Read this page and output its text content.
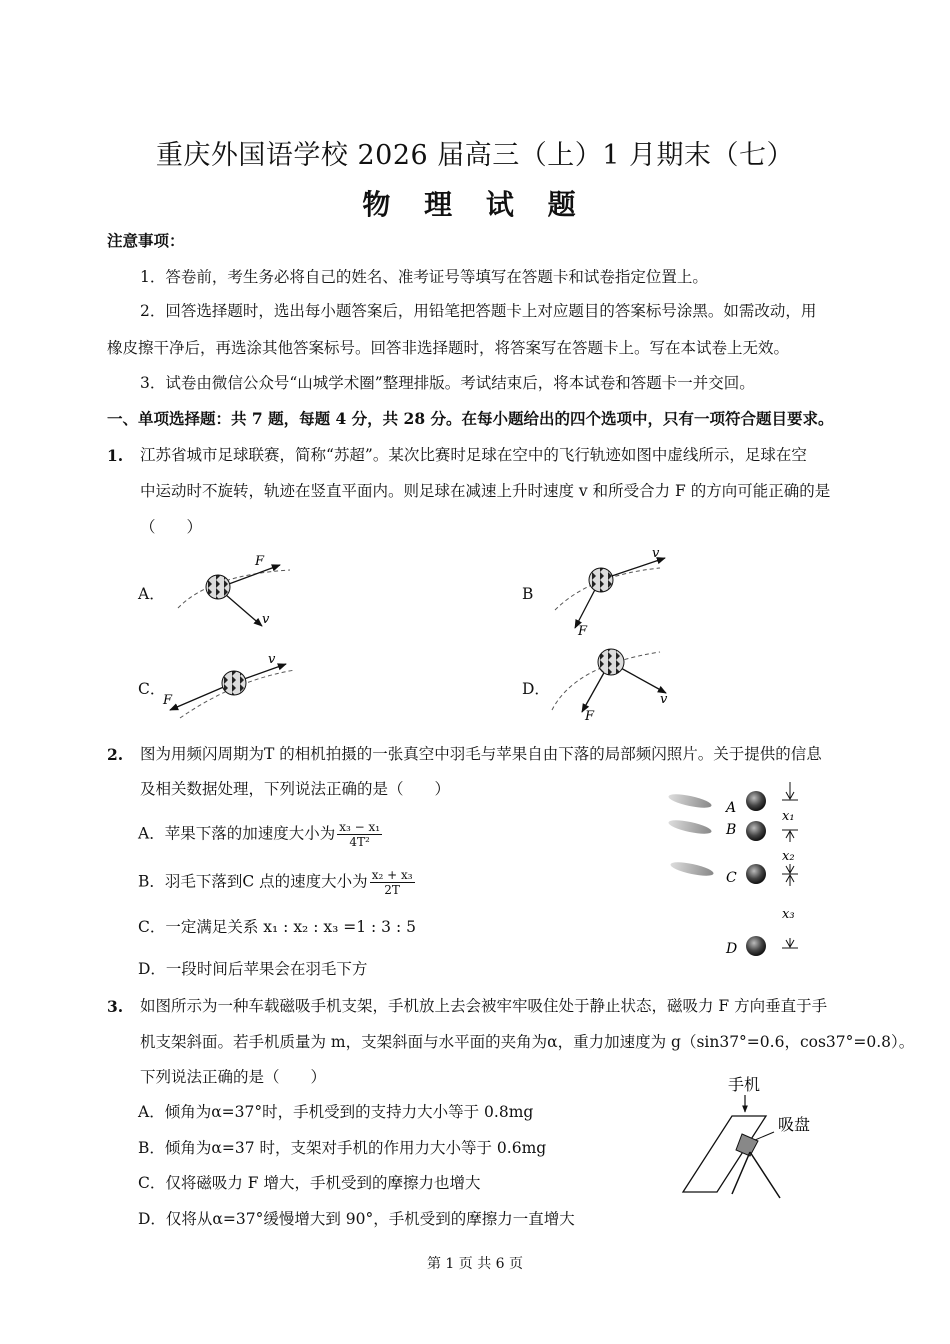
重庆外国语学校 2026 届高三（上）1 月期末（七）
物 理 试 题
注意事项：
1．答卷前，考生务必将自己的姓名、准考证号等填写在答题卡和试卷指定位置上。
2．回答选择题时，选出每小题答案后，用铅笔把答题卡上对应题目的答案标号涂黑。如需改动，用
橡皮擦干净后，再选涂其他答案标号。回答非选择题时，将答案写在答题卡上。写在本试卷上无效。
3．试卷由微信公众号“山城学术圈”整理排版。考试结束后，将本试卷和答题卡一并交回。
一、单项选择题：共 7 题，每题 4 分，共 28 分。在每小题给出的四个选项中，只有一项符合题目要求。
1. 江苏省城市足球联赛，简称“苏超”。某次比赛时足球在空中的飞行轨迹如图中虚线所示，足球在空
中运动时不旋转，轨迹在竖直平面内。则足球在减速上升时速度 v 和所受合力 F 的方向可能正确的是
（　　）
A．	B
C．	D．
F
v
v
F
v
F	v
F
2. 图为用频闪周期为T 的相机拍摄的一张真空中羽毛与苹果自由下落的局部频闪照片。关于提供的信息
及相关数据处理，下列说法正确的是（　　）
A．苹果下落的加速度大小为 $\frac{\text{x₃ − x₁}}{\text{4T²}}$
B．羽毛下落到C 点的速度大小为 $\frac{\text{x₂ + x₃}}{2T}$
C．一定满足关系 x₁ : x₂ : x₃ =1 : 3 : 5
D．一段时间后苹果会在羽毛下方
A
B
C
D
x₁
x₂
x₃
3. 如图所示为一种车载磁吸手机支架，手机放上去会被牢牢吸住处于静止状态，磁吸力 F 方向垂直于手
机支架斜面。若手机质量为 m，支架斜面与水平面的夹角为α，重力加速度为 g（sin37°=0.6，cos37°=0.8）。
下列说法正确的是（　　）
A．倾角为α=37°时，手机受到的支持力大小等于 0.8mg
B．倾角为α=37 时，支架对手机的作用力大小等于 0.6mg
C．仅将磁吸力 F 增大，手机受到的摩擦力也增大
D．仅将从α=37°缓慢增大到 90°，手机受到的摩擦力一直增大
手机
吸盘
第 1 页 共 6 页
